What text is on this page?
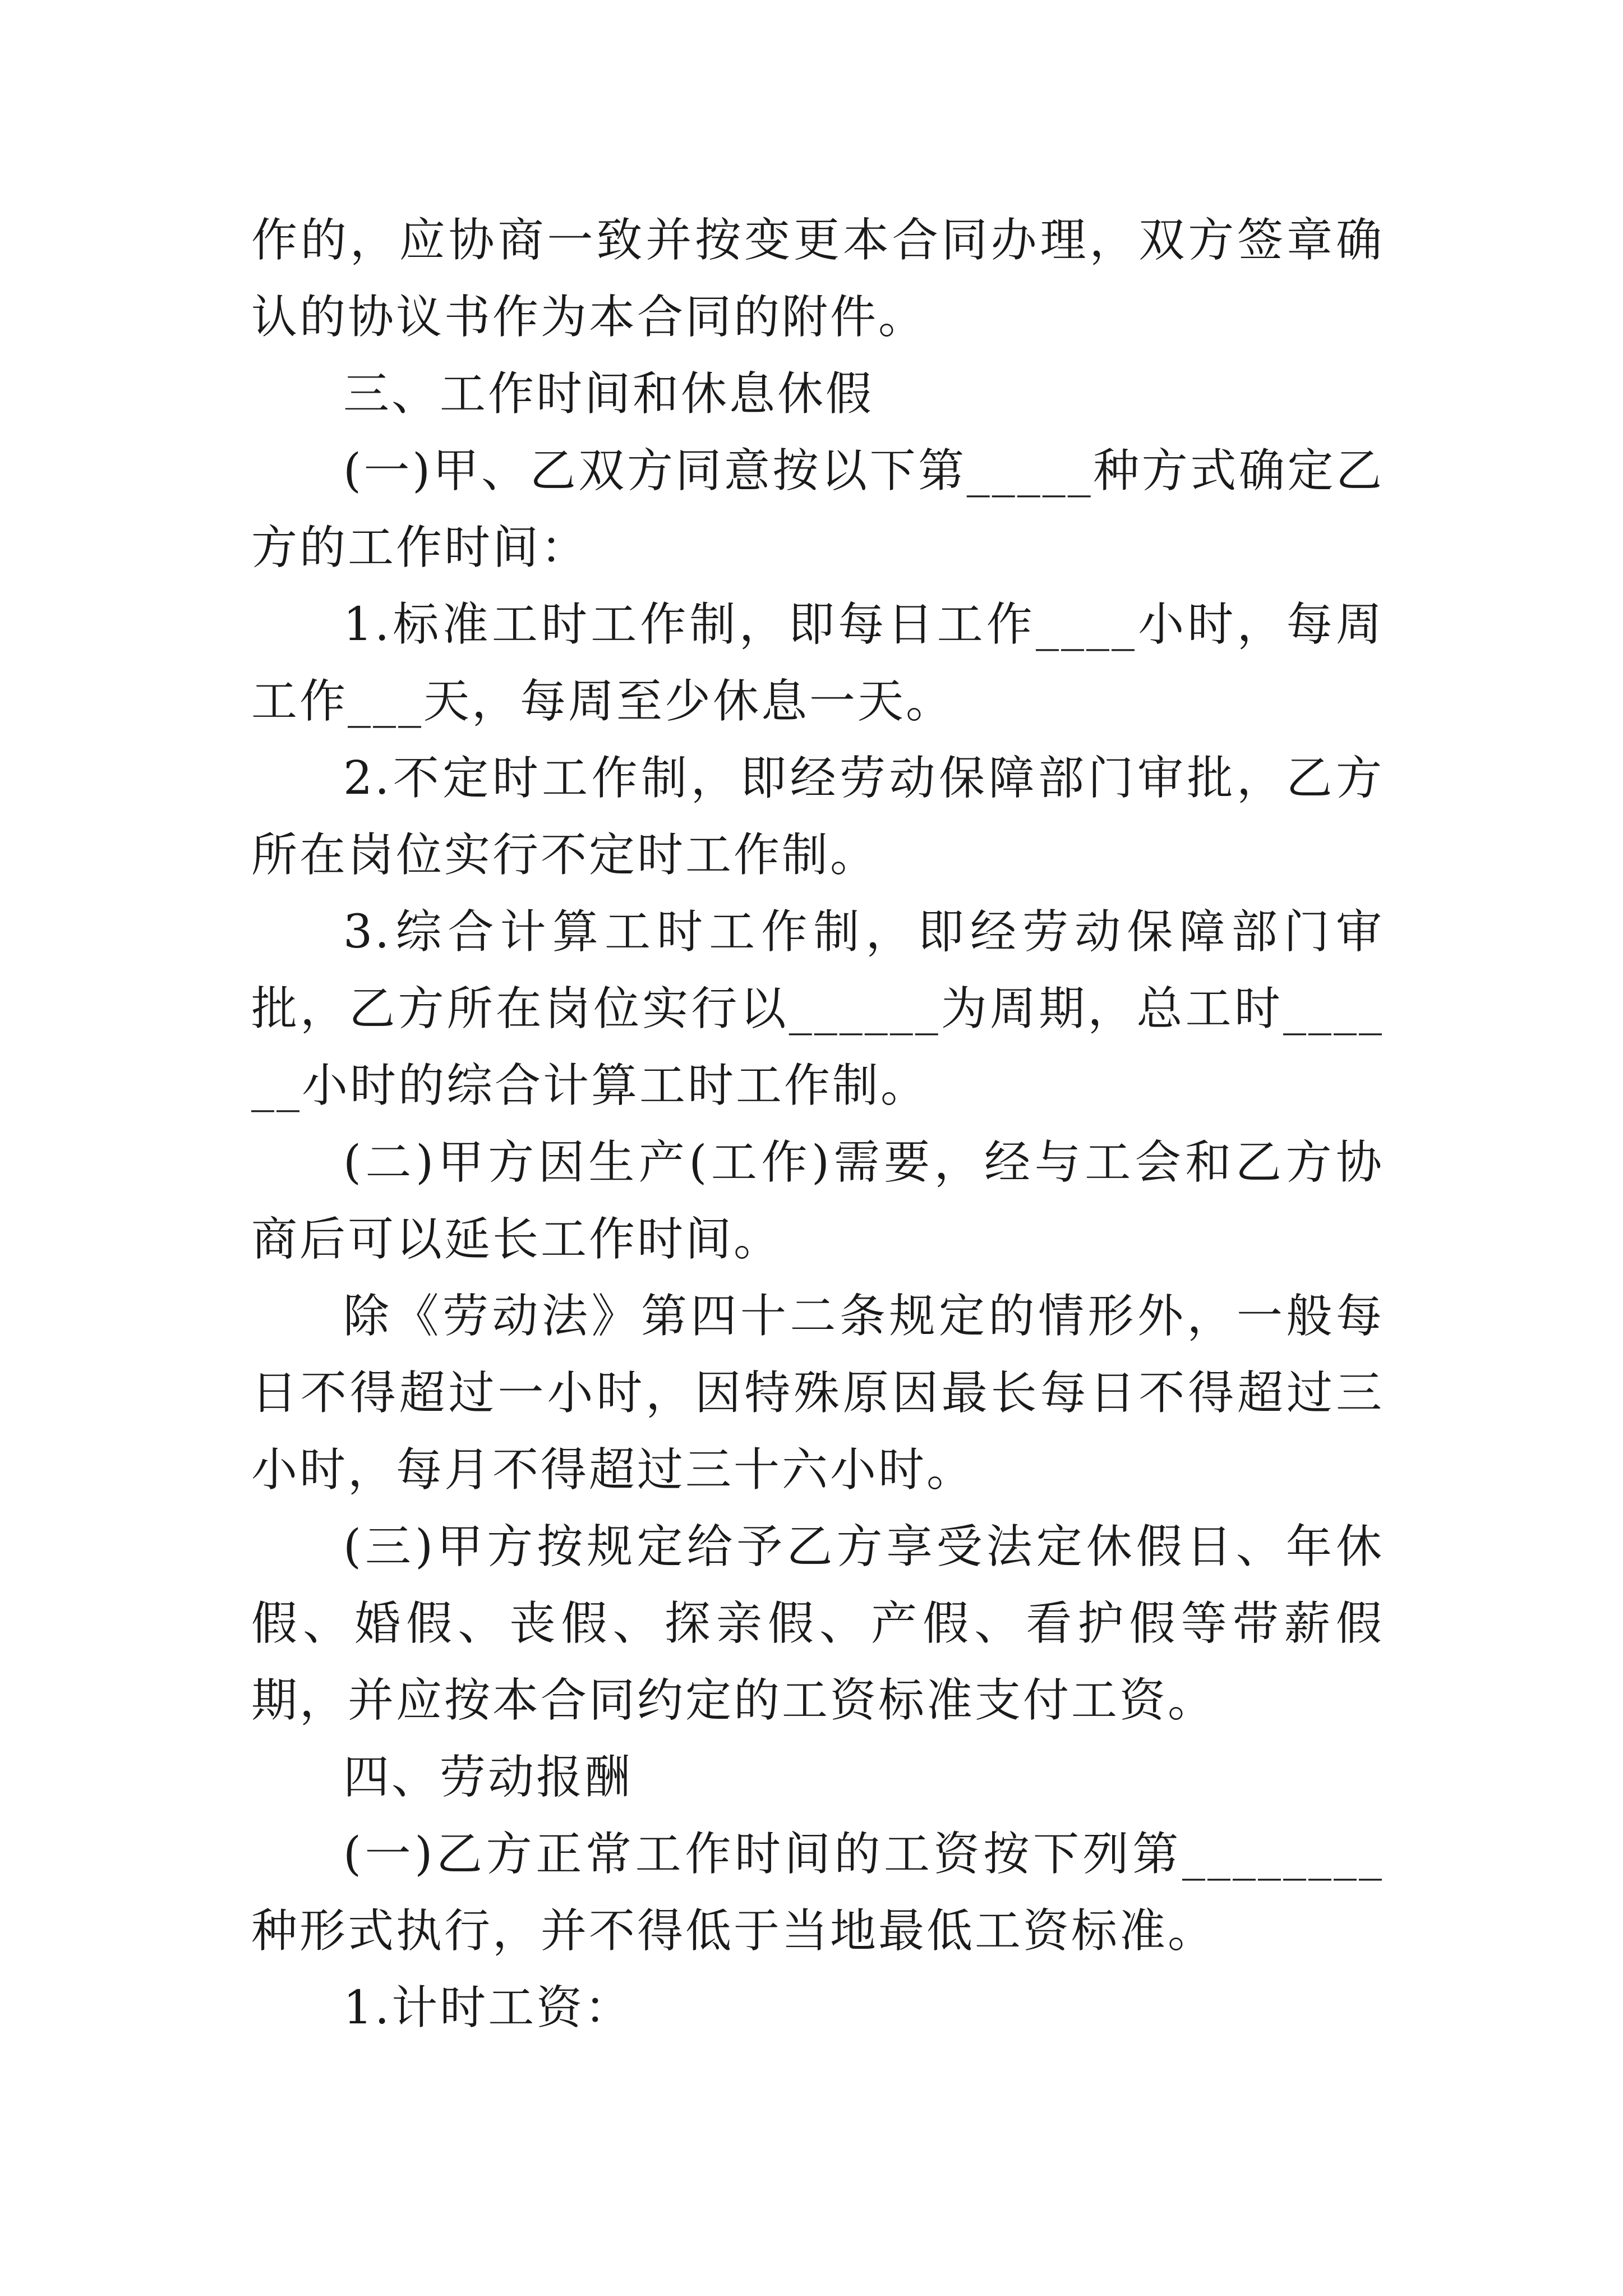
作的，应协商一致并按变更本合同办理，双方签章确认的协议书作为本合同的附件。

三、工作时间和休息休假

(一)甲、乙双方同意按以下第_____种方式确定乙方的工作时间：

1.标准工时工作制，即每日工作____小时，每周工作___天，每周至少休息一天。

2.不定时工作制，即经劳动保障部门审批，乙方所在岗位实行不定时工作制。

3.综合计算工时工作制，即经劳动保障部门审批，乙方所在岗位实行以______为周期，总工时______小时的综合计算工时工作制。

(二)甲方因生产(工作)需要，经与工会和乙方协商后可以延长工作时间。

除《劳动法》第四十二条规定的情形外，一般每日不得超过一小时，因特殊原因最长每日不得超过三小时，每月不得超过三十六小时。

(三)甲方按规定给予乙方享受法定休假日、年休假、婚假、丧假、探亲假、产假、看护假等带薪假期，并应按本合同约定的工资标准支付工资。

四、劳动报酬

(一)乙方正常工作时间的工资按下列第________种形式执行，并不得低于当地最低工资标准。

1.计时工资：
